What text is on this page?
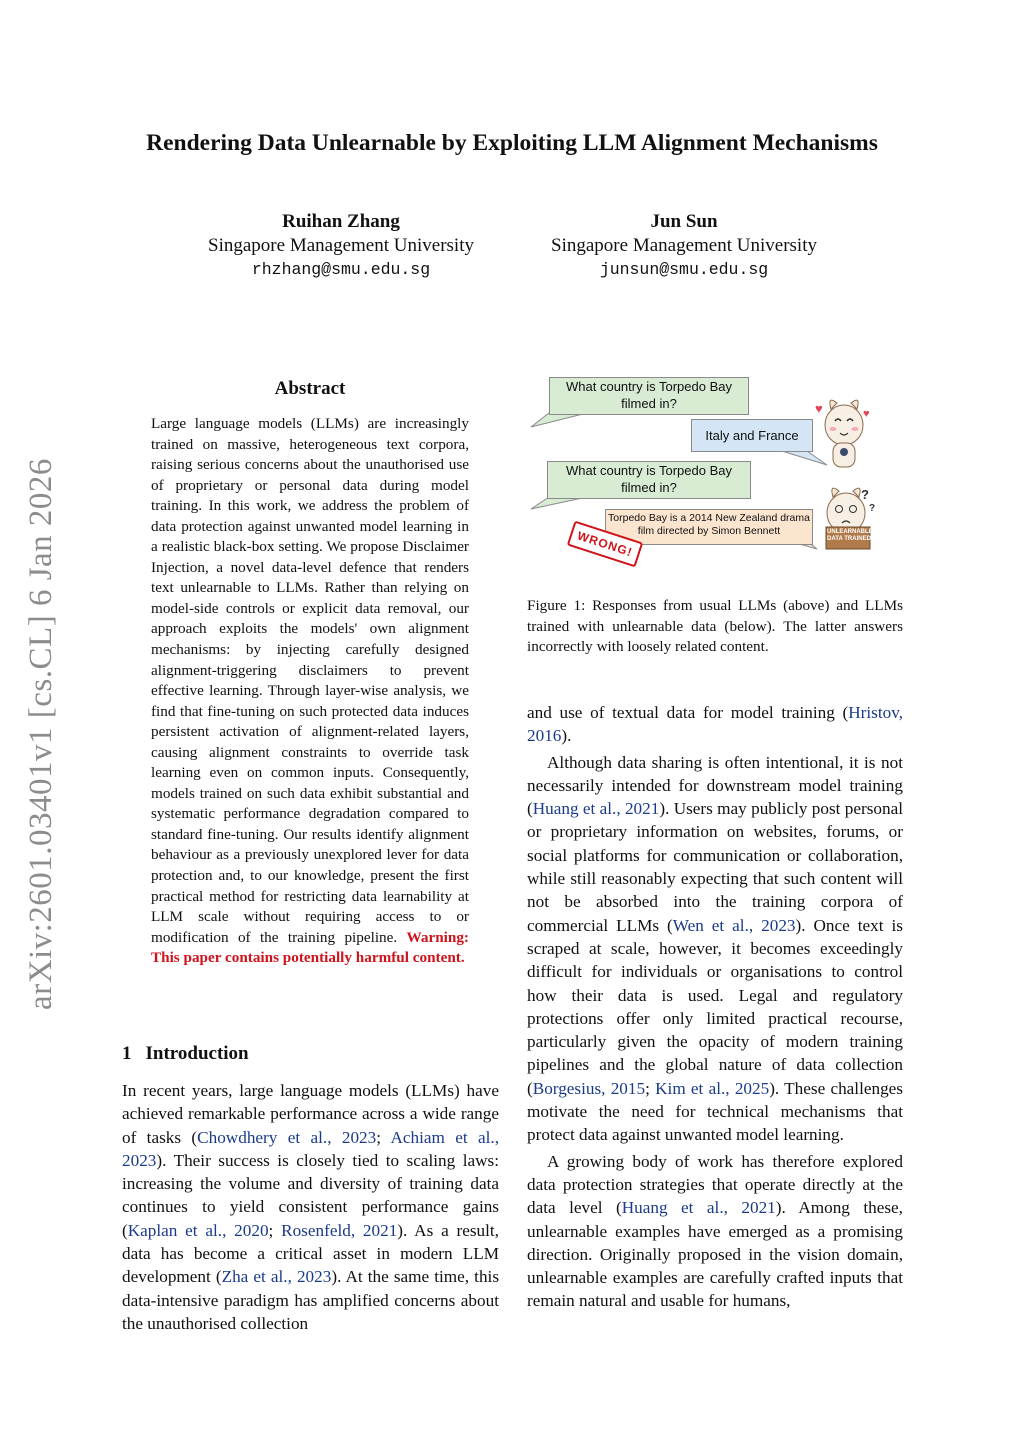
arXiv:2601.03401v1 [cs.CL] 6 Jan 2026
Rendering Data Unlearnable by Exploiting LLM Alignment Mechanisms
Ruihan Zhang
Singapore Management University
rhzhang@smu.edu.sg
Jun Sun
Singapore Management University
junsun@smu.edu.sg
Abstract
Large language models (LLMs) are increasingly trained on massive, heterogeneous text corpora, raising serious concerns about the unauthorised use of proprietary or personal data during model training. In this work, we address the problem of data protection against unwanted model learning in a realistic black-box setting. We propose Disclaimer Injection, a novel data-level defence that renders text unlearnable to LLMs. Rather than relying on model-side controls or explicit data removal, our approach exploits the models' own alignment mechanisms: by injecting carefully designed alignment-triggering disclaimers to prevent effective learning. Through layer-wise analysis, we find that fine-tuning on such protected data induces persistent activation of alignment-related layers, causing alignment constraints to override task learning even on common inputs. Consequently, models trained on such data exhibit substantial and systematic performance degradation compared to standard fine-tuning. Our results identify alignment behaviour as a previously unexplored lever for data protection and, to our knowledge, present the first practical method for restricting data learnability at LLM scale without requiring access to or modification of the training pipeline. Warning: This paper contains potentially harmful content.
1 Introduction

In recent years, large language models (LLMs) have achieved remarkable performance across a wide range of tasks (Chowdhery et al., 2023; Achiam et al., 2023). Their success is closely tied to scaling laws: increasing the volume and diversity of training data continues to yield consistent performance gains (Kaplan et al., 2020; Rosenfeld, 2021). As a result, data has become a critical asset in modern LLM development (Zha et al., 2023). At the same time, this data-intensive paradigm has amplified concerns about the unauthorised collection

♥	♥
?
?
What country is Torpedo Bay filmed in?
Italy and France
What country is Torpedo Bay filmed in?
Torpedo Bay is a 2014 New Zealand drama film directed by Simon Bennett
WRONG!	UNLEARNABLE DATA TRAINED
Figure 1: Responses from usual LLMs (above) and LLMs trained with unlearnable data (below). The latter answers incorrectly with loosely related content.

and use of textual data for model training (Hristov, 2016).

Although data sharing is often intentional, it is not necessarily intended for downstream model training (Huang et al., 2021). Users may publicly post personal or proprietary information on websites, forums, or social platforms for communication or collaboration, while still reasonably expecting that such content will not be absorbed into the training corpora of commercial LLMs (Wen et al., 2023). Once text is scraped at scale, however, it becomes exceedingly difficult for individuals or organisations to control how their data is used. Legal and regulatory protections offer only limited practical recourse, particularly given the opacity of modern training pipelines and the global nature of data collection (Borgesius, 2015; Kim et al., 2025). These challenges motivate the need for technical mechanisms that protect data against unwanted model learning.

A growing body of work has therefore explored data protection strategies that operate directly at the data level (Huang et al., 2021). Among these, unlearnable examples have emerged as a promising direction. Originally proposed in the vision domain, unlearnable examples are carefully crafted inputs that remain natural and usable for humans,
